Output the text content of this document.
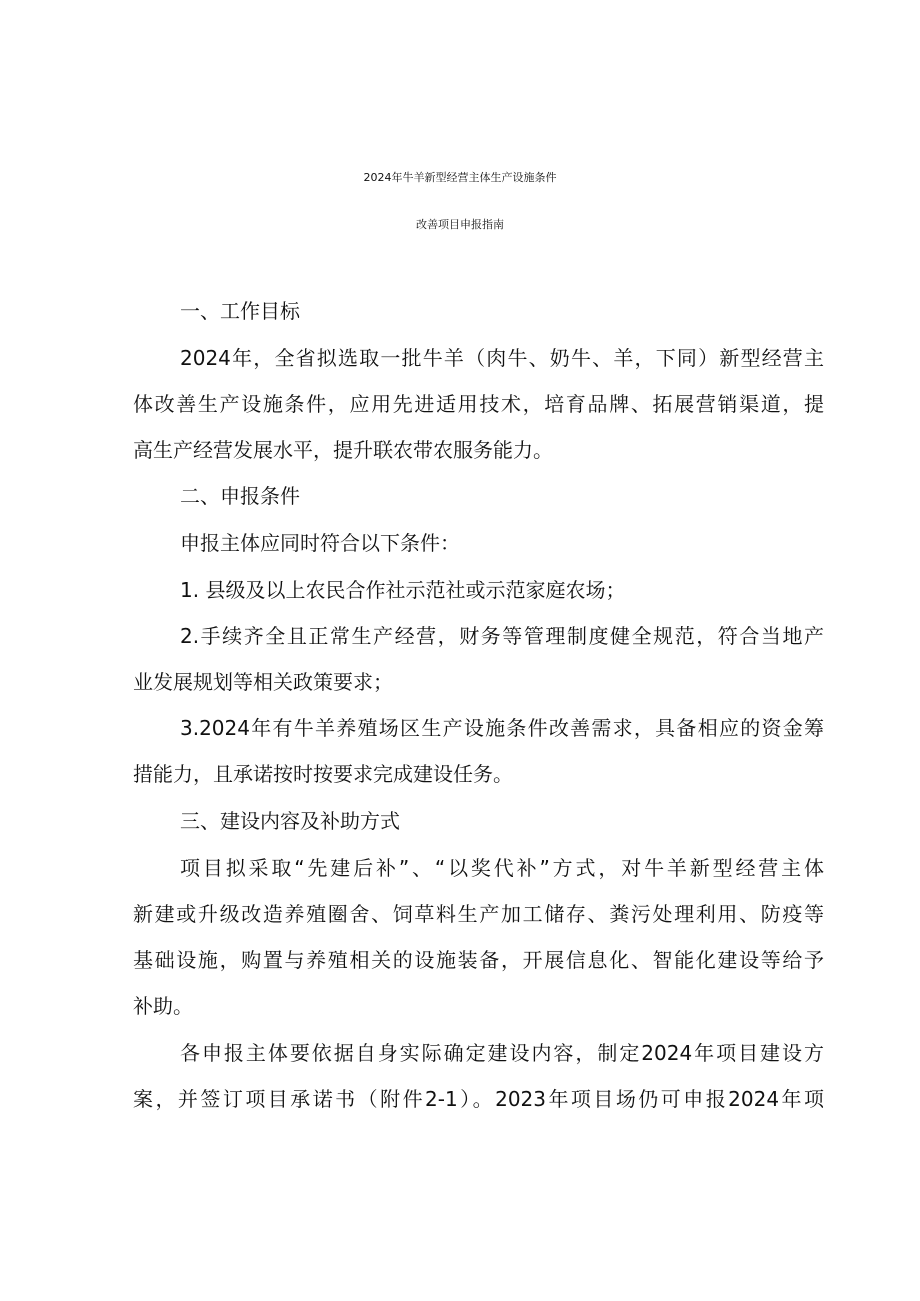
2024年牛羊新型经营主体生产设施条件
改善项目申报指南
一、工作目标
2024年，全省拟选取一批牛羊（肉牛、奶牛、羊，下同）新型经营主
体改善生产设施条件，应用先进适用技术，培育品牌、拓展营销渠道，提
高生产经营发展水平，提升联农带农服务能力。
二、申报条件
申报主体应同时符合以下条件：
1. 县级及以上农民合作社示范社或示范家庭农场；
2.手续齐全且正常生产经营，财务等管理制度健全规范，符合当地产
业发展规划等相关政策要求；
3.2024年有牛羊养殖场区生产设施条件改善需求，具备相应的资金筹
措能力，且承诺按时按要求完成建设任务。
三、建设内容及补助方式
项目拟采取“先建后补”、“以奖代补”方式，对牛羊新型经营主体
新建或升级改造养殖圈舍、饲草料生产加工储存、粪污处理利用、防疫等
基础设施，购置与养殖相关的设施装备，开展信息化、智能化建设等给予
补助。
各申报主体要依据自身实际确定建设内容，制定2024年项目建设方
案，并签订项目承诺书（附件2-1）。2023年项目场仍可申报2024年项
